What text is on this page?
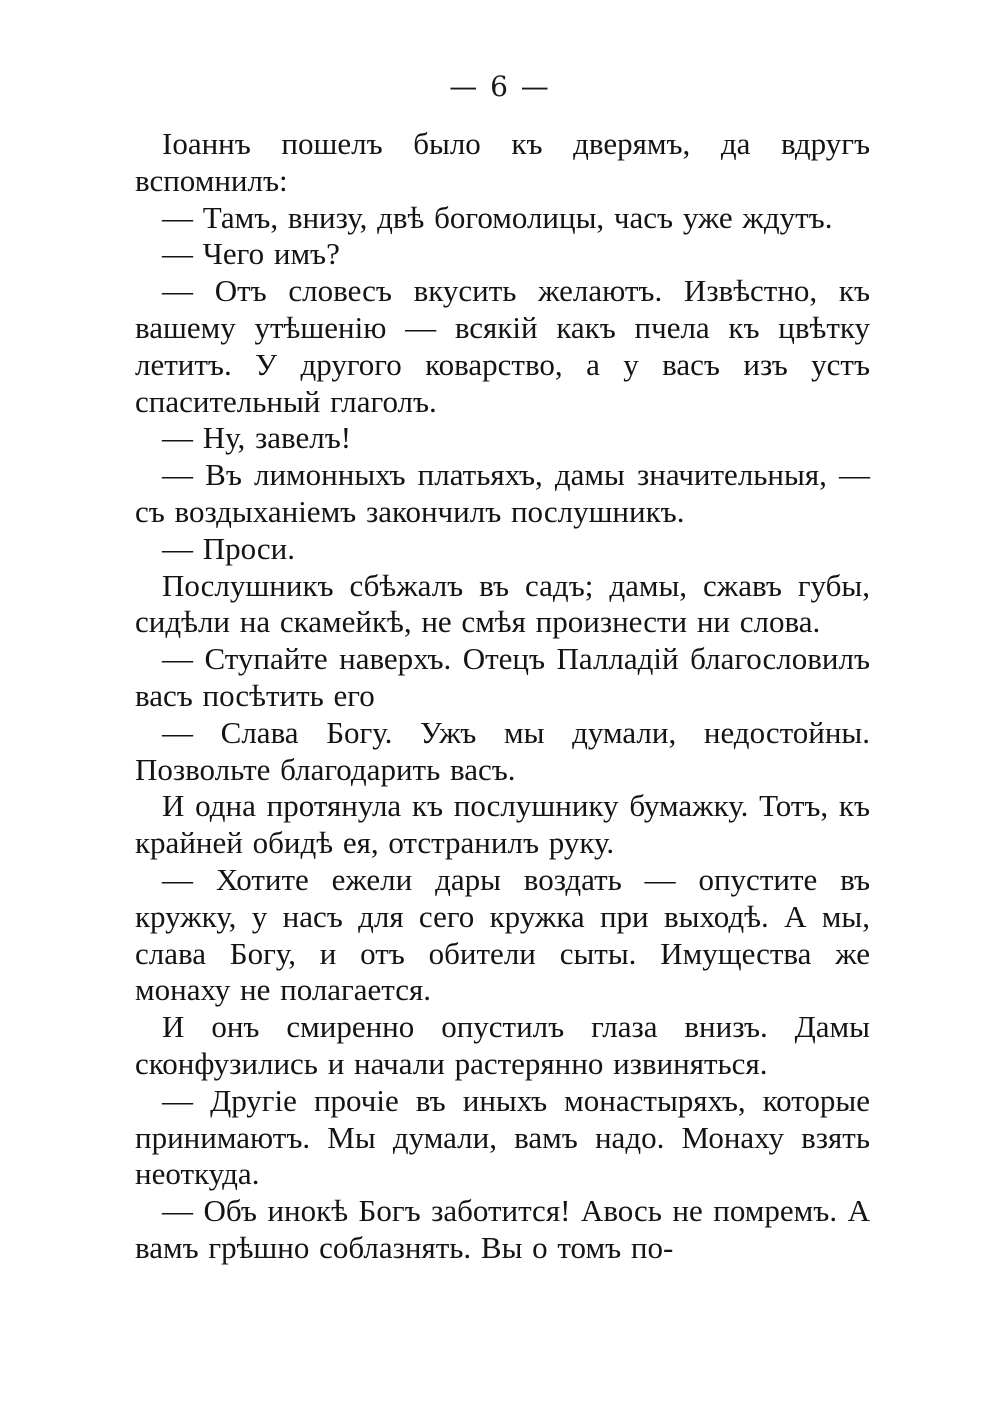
— 6 —

Іоаннъ пошелъ было къ дверямъ, да вдругъ вспомнилъ:

— Тамъ, внизу, двѣ богомолицы, часъ уже ждутъ.

— Чего имъ?

— Отъ словесъ вкусить желаютъ. Извѣстно, къ вашему утѣшенію — всякій какъ пчела къ цвѣтку летитъ. У другого коварство, а у васъ изъ устъ спасительный глаголъ.

— Ну, завелъ!

— Въ лимонныхъ платьяхъ, дамы значительныя, — съ воздыханіемъ закончилъ послушникъ.

— Проси.

Послушникъ сбѣжалъ въ садъ; дамы, сжавъ губы, сидѣли на скамейкѣ, не смѣя произнести ни слова.

— Ступайте наверхъ. Отецъ Палладій благословилъ васъ посѣтить его

— Слава Богу. Ужъ мы думали, недостойны. Позвольте благодарить васъ.

И одна протянула къ послушнику бумажку. Тотъ, къ крайней обидѣ ея, отстранилъ руку.

— Хотите ежели дары воздать — опустите въ кружку, у насъ для сего кружка при выходѣ. А мы, слава Богу, и отъ обители сыты. Имущества же монаху не полагается.

И онъ смиренно опустилъ глаза внизъ. Дамы сконфузились и начали растерянно извиняться.

— Другіе прочіе въ иныхъ монастыряхъ, которые принимаютъ. Мы думали, вамъ надо. Монаху взять неоткуда.

— Объ инокѣ Богъ заботится! Авось не помремъ. А вамъ грѣшно соблазнять. Вы о томъ по-
